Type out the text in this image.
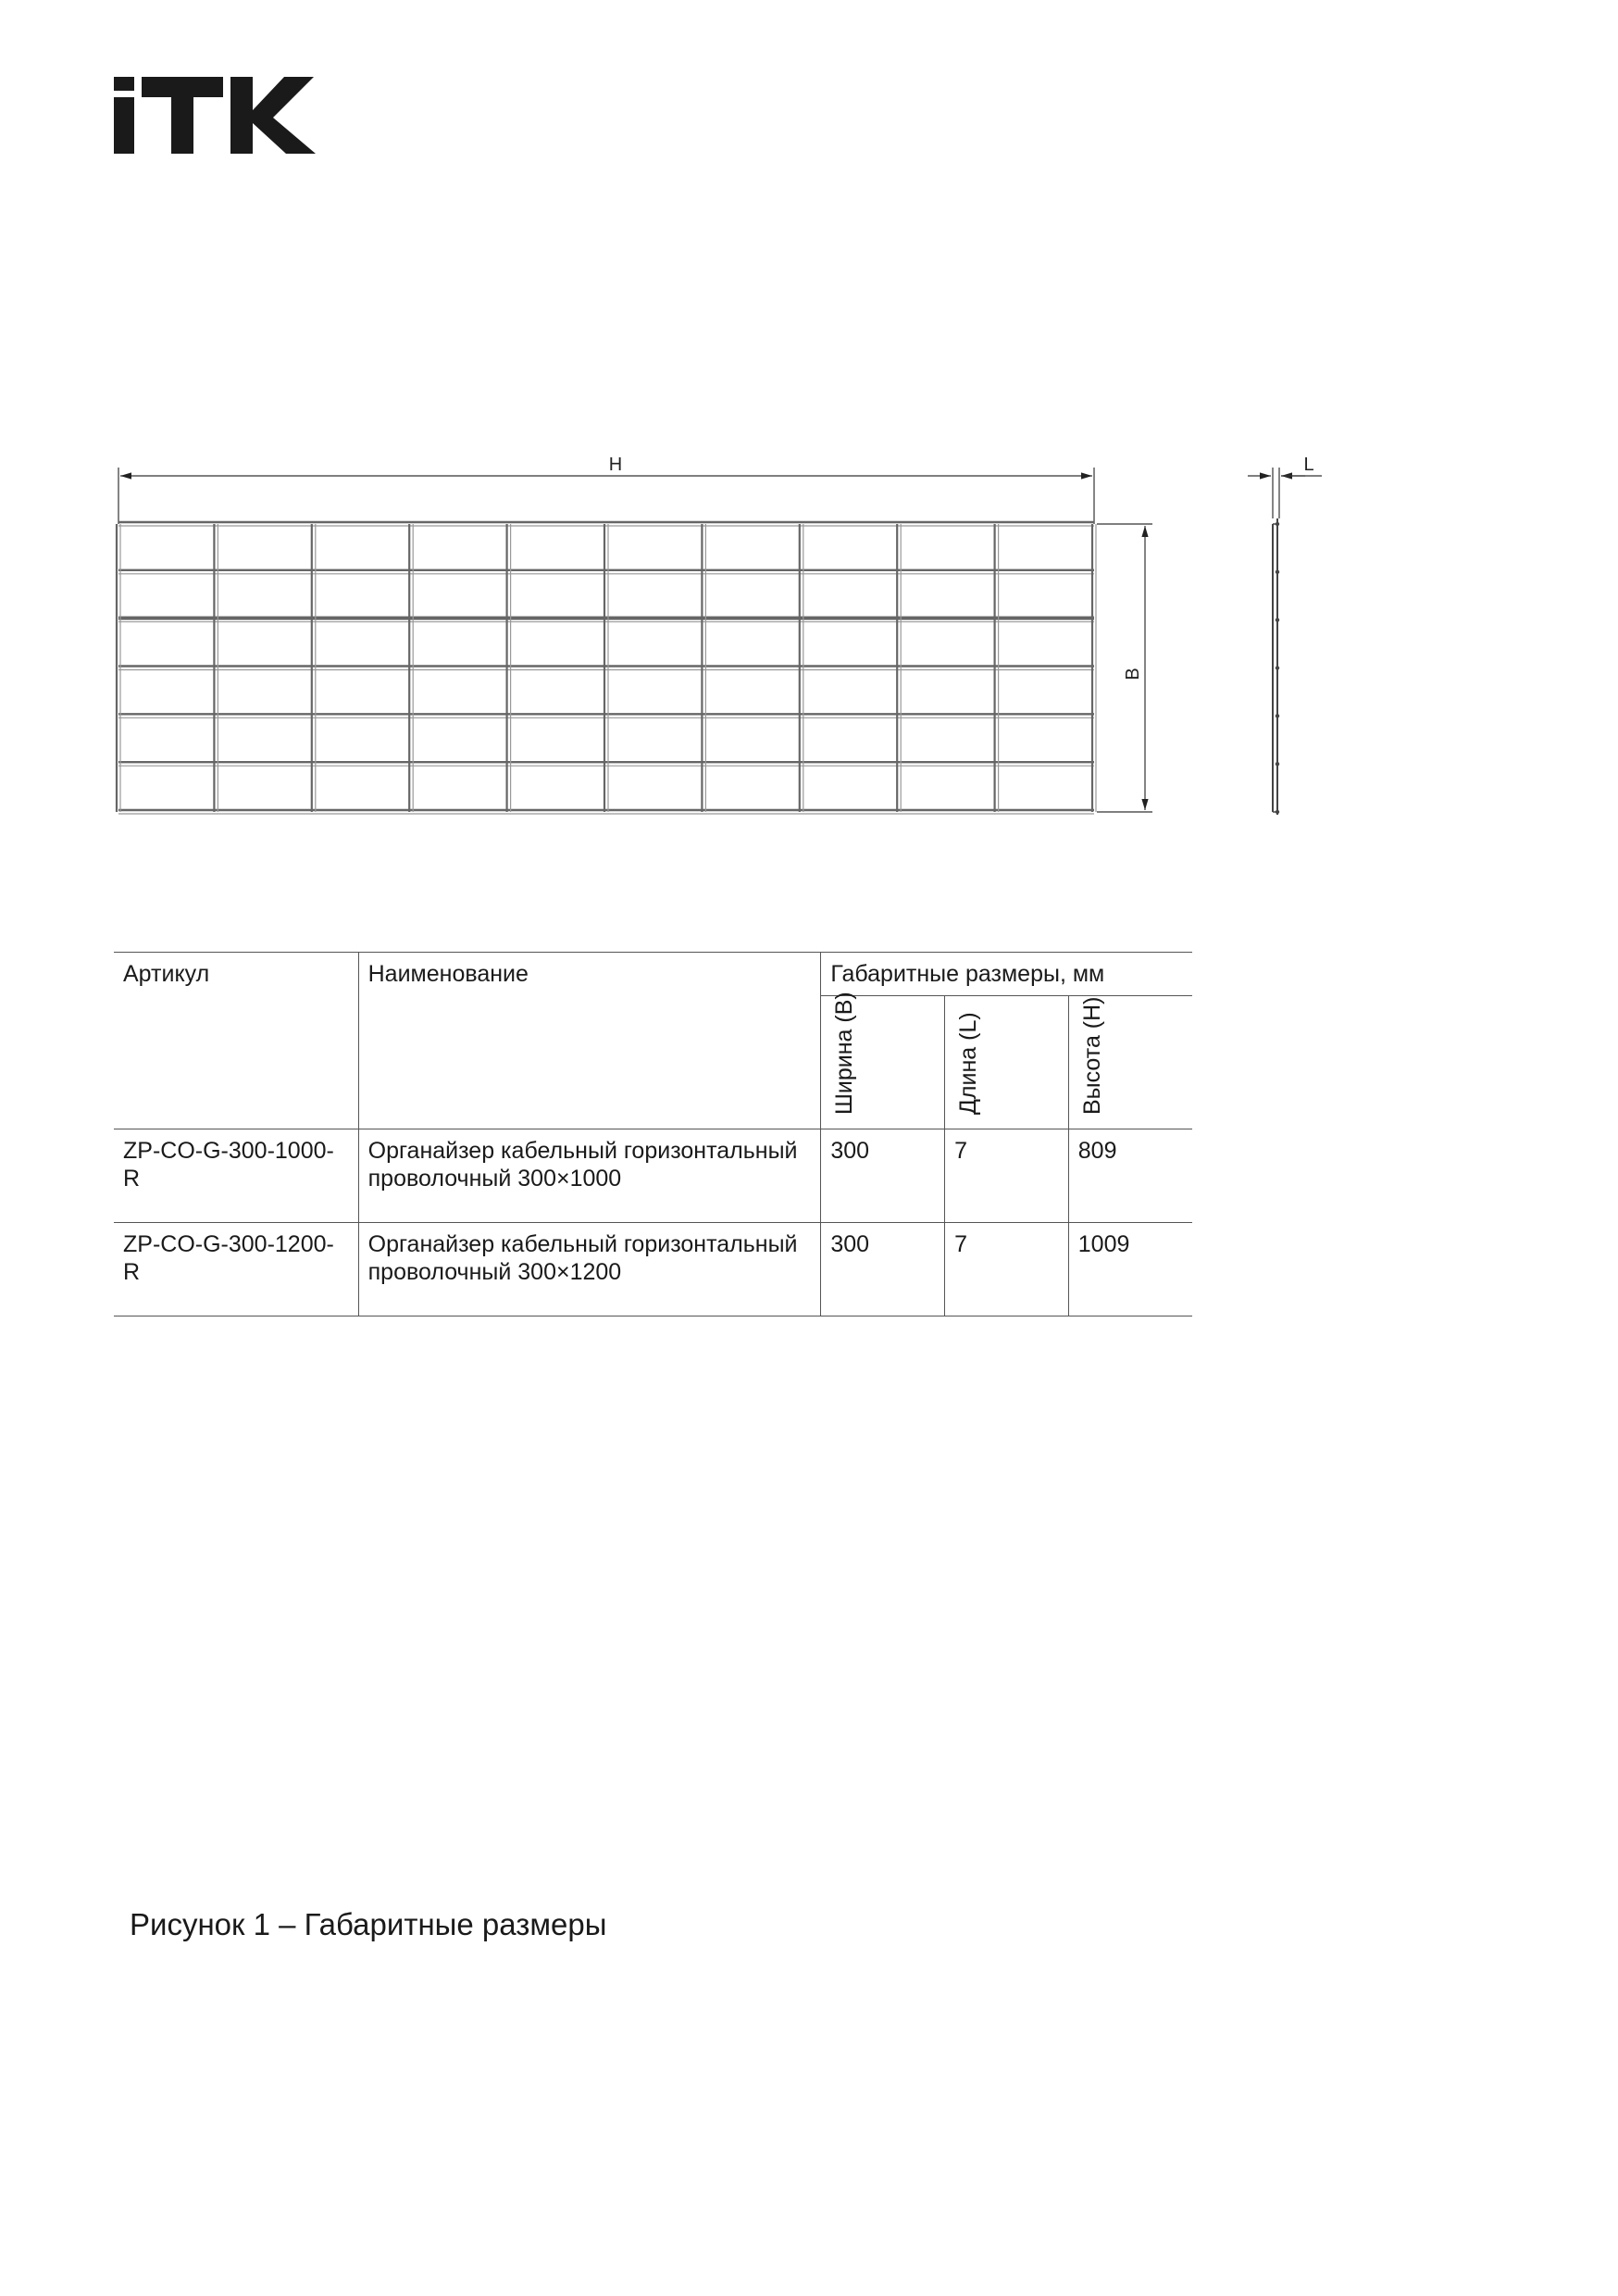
H
B
L
Артикул	Наименование	Габаритные размеры, мм		
		Ширина (B)	Длина (L)	Высота (H)
ZP-CO-G-300-1000-R	Органайзер кабельный горизонтальный проволочный 300×1000	300	7	809
ZP-CO-G-300-1200-R	Органайзер кабельный горизонтальный проволочный 300×1200	300	7	1009
Рисунок 1 – Габаритные размеры
